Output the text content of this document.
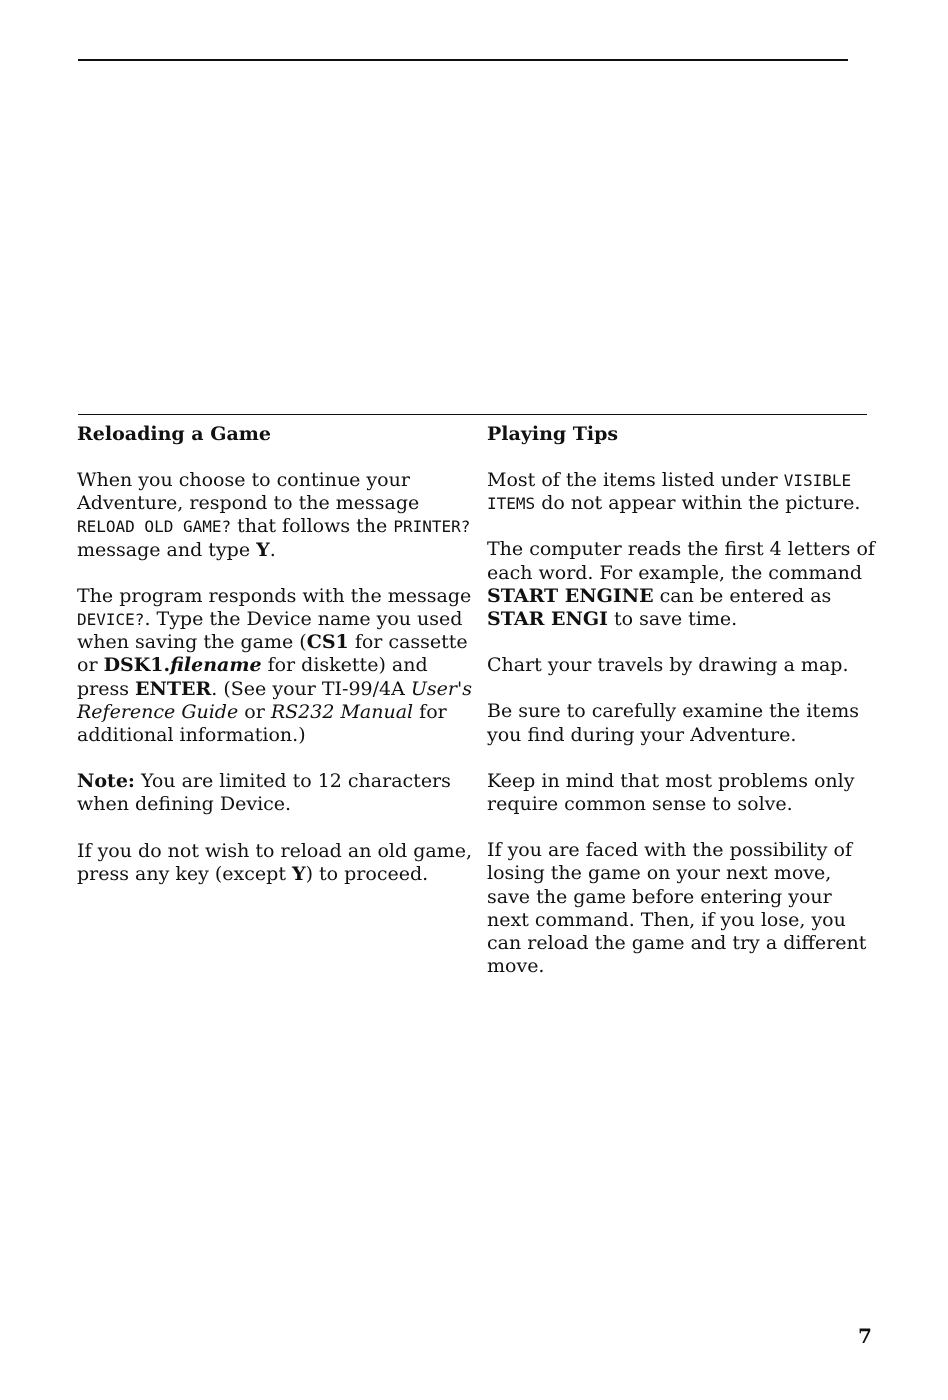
Reloading a Game

When you choose to continue your Adventure, respond to the message RELOAD OLD GAME? that follows the PRINTER? message and type Y.

The program responds with the message DEVICE?. Type the Device name you used when saving the game (CS1 for cassette or DSK1.filename for diskette) and press ENTER. (See your TI-99/4A User's Reference Guide or RS232 Manual for additional information.)

Note: You are limited to 12 characters when defining Device.

If you do not wish to reload an old game, press any key (except Y) to proceed.

Playing Tips

Most of the items listed under VISIBLE ITEMS do not appear within the picture.

The computer reads the first 4 letters of each word. For example, the command START ENGINE can be entered as STAR ENGI to save time.

Chart your travels by drawing a map.

Be sure to carefully examine the items you find during your Adventure.

Keep in mind that most problems only require common sense to solve.

If you are faced with the possibility of losing the game on your next move, save the game before entering your next command. Then, if you lose, you can reload the game and try a different move.

7
